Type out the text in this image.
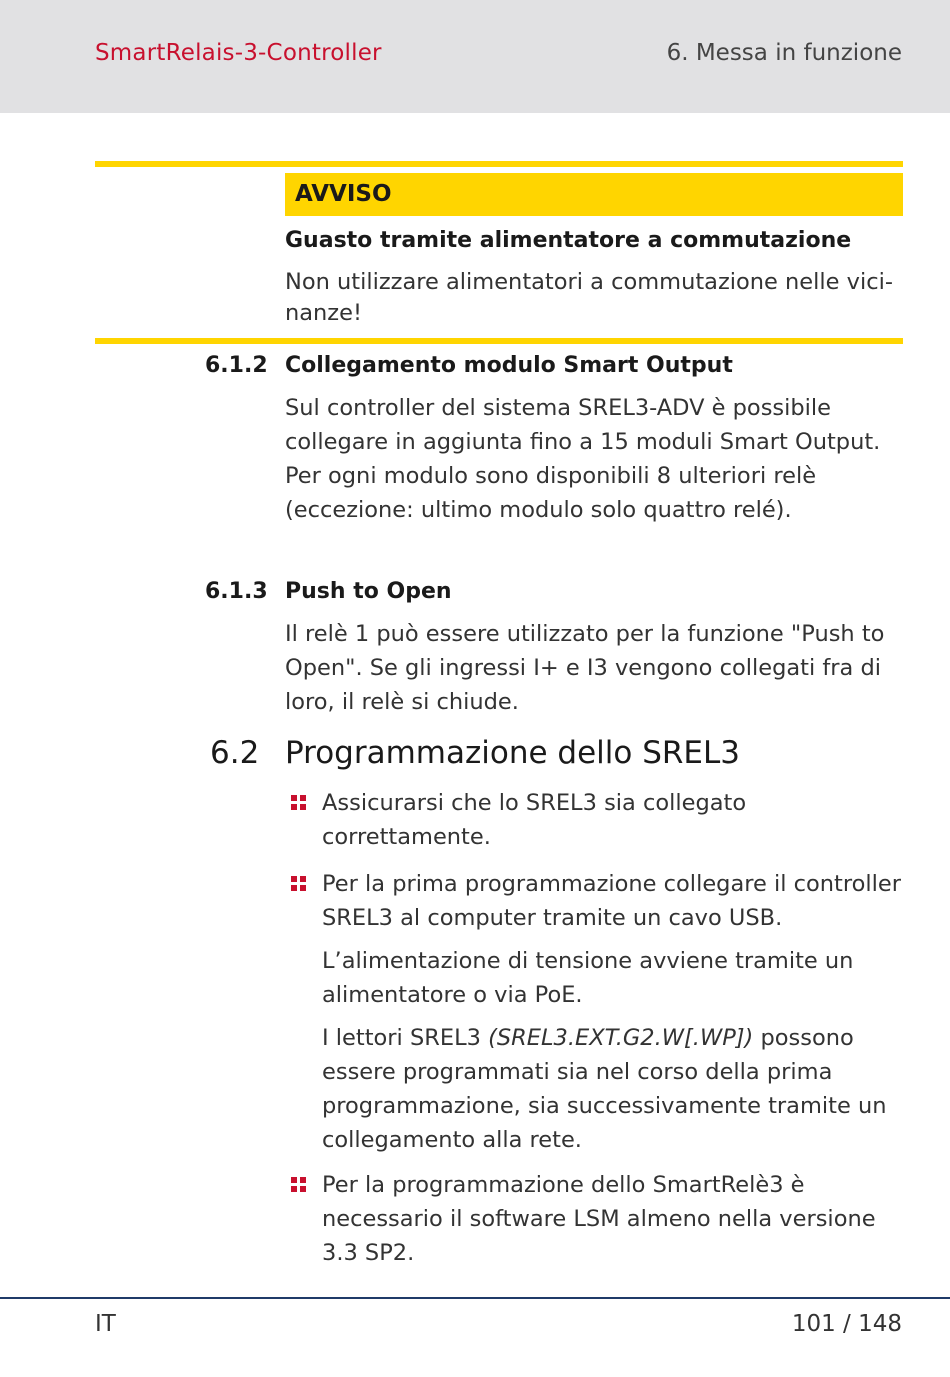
SmartRelais-3-Controller	6. Messa in funzione
AVVISO
Guasto tramite alimentatore a commutazione
Non utilizzare alimentatori a commutazione nelle vici-
nanze!
6.1.2 Collegamento modulo Smart Output
Sul controller del sistema SREL3-ADV è possibile
collegare in aggiunta fino a 15 moduli Smart Output.
Per ogni modulo sono disponibili 8 ulteriori relè
(eccezione: ultimo modulo solo quattro relé).
6.1.3 Push to Open
Il relè 1 può essere utilizzato per la funzione "Push to
Open". Se gli ingressi I+ e I3 vengono collegati fra di
loro, il relè si chiude.
6.2 Programmazione dello SREL3
Assicurarsi che lo SREL3 sia collegato
correttamente.
Per la prima programmazione collegare il controller
SREL3 al computer tramite un cavo USB.
L’alimentazione di tensione avviene tramite un
alimentatore o via PoE.
I lettori SREL3 (SREL3.EXT.G2.W[.WP]) possono
essere programmati sia nel corso della prima
programmazione, sia successivamente tramite un
collegamento alla rete.
Per la programmazione dello SmartRelè3 è
necessario il software LSM almeno nella versione
3.3 SP2.
IT	101 / 148
